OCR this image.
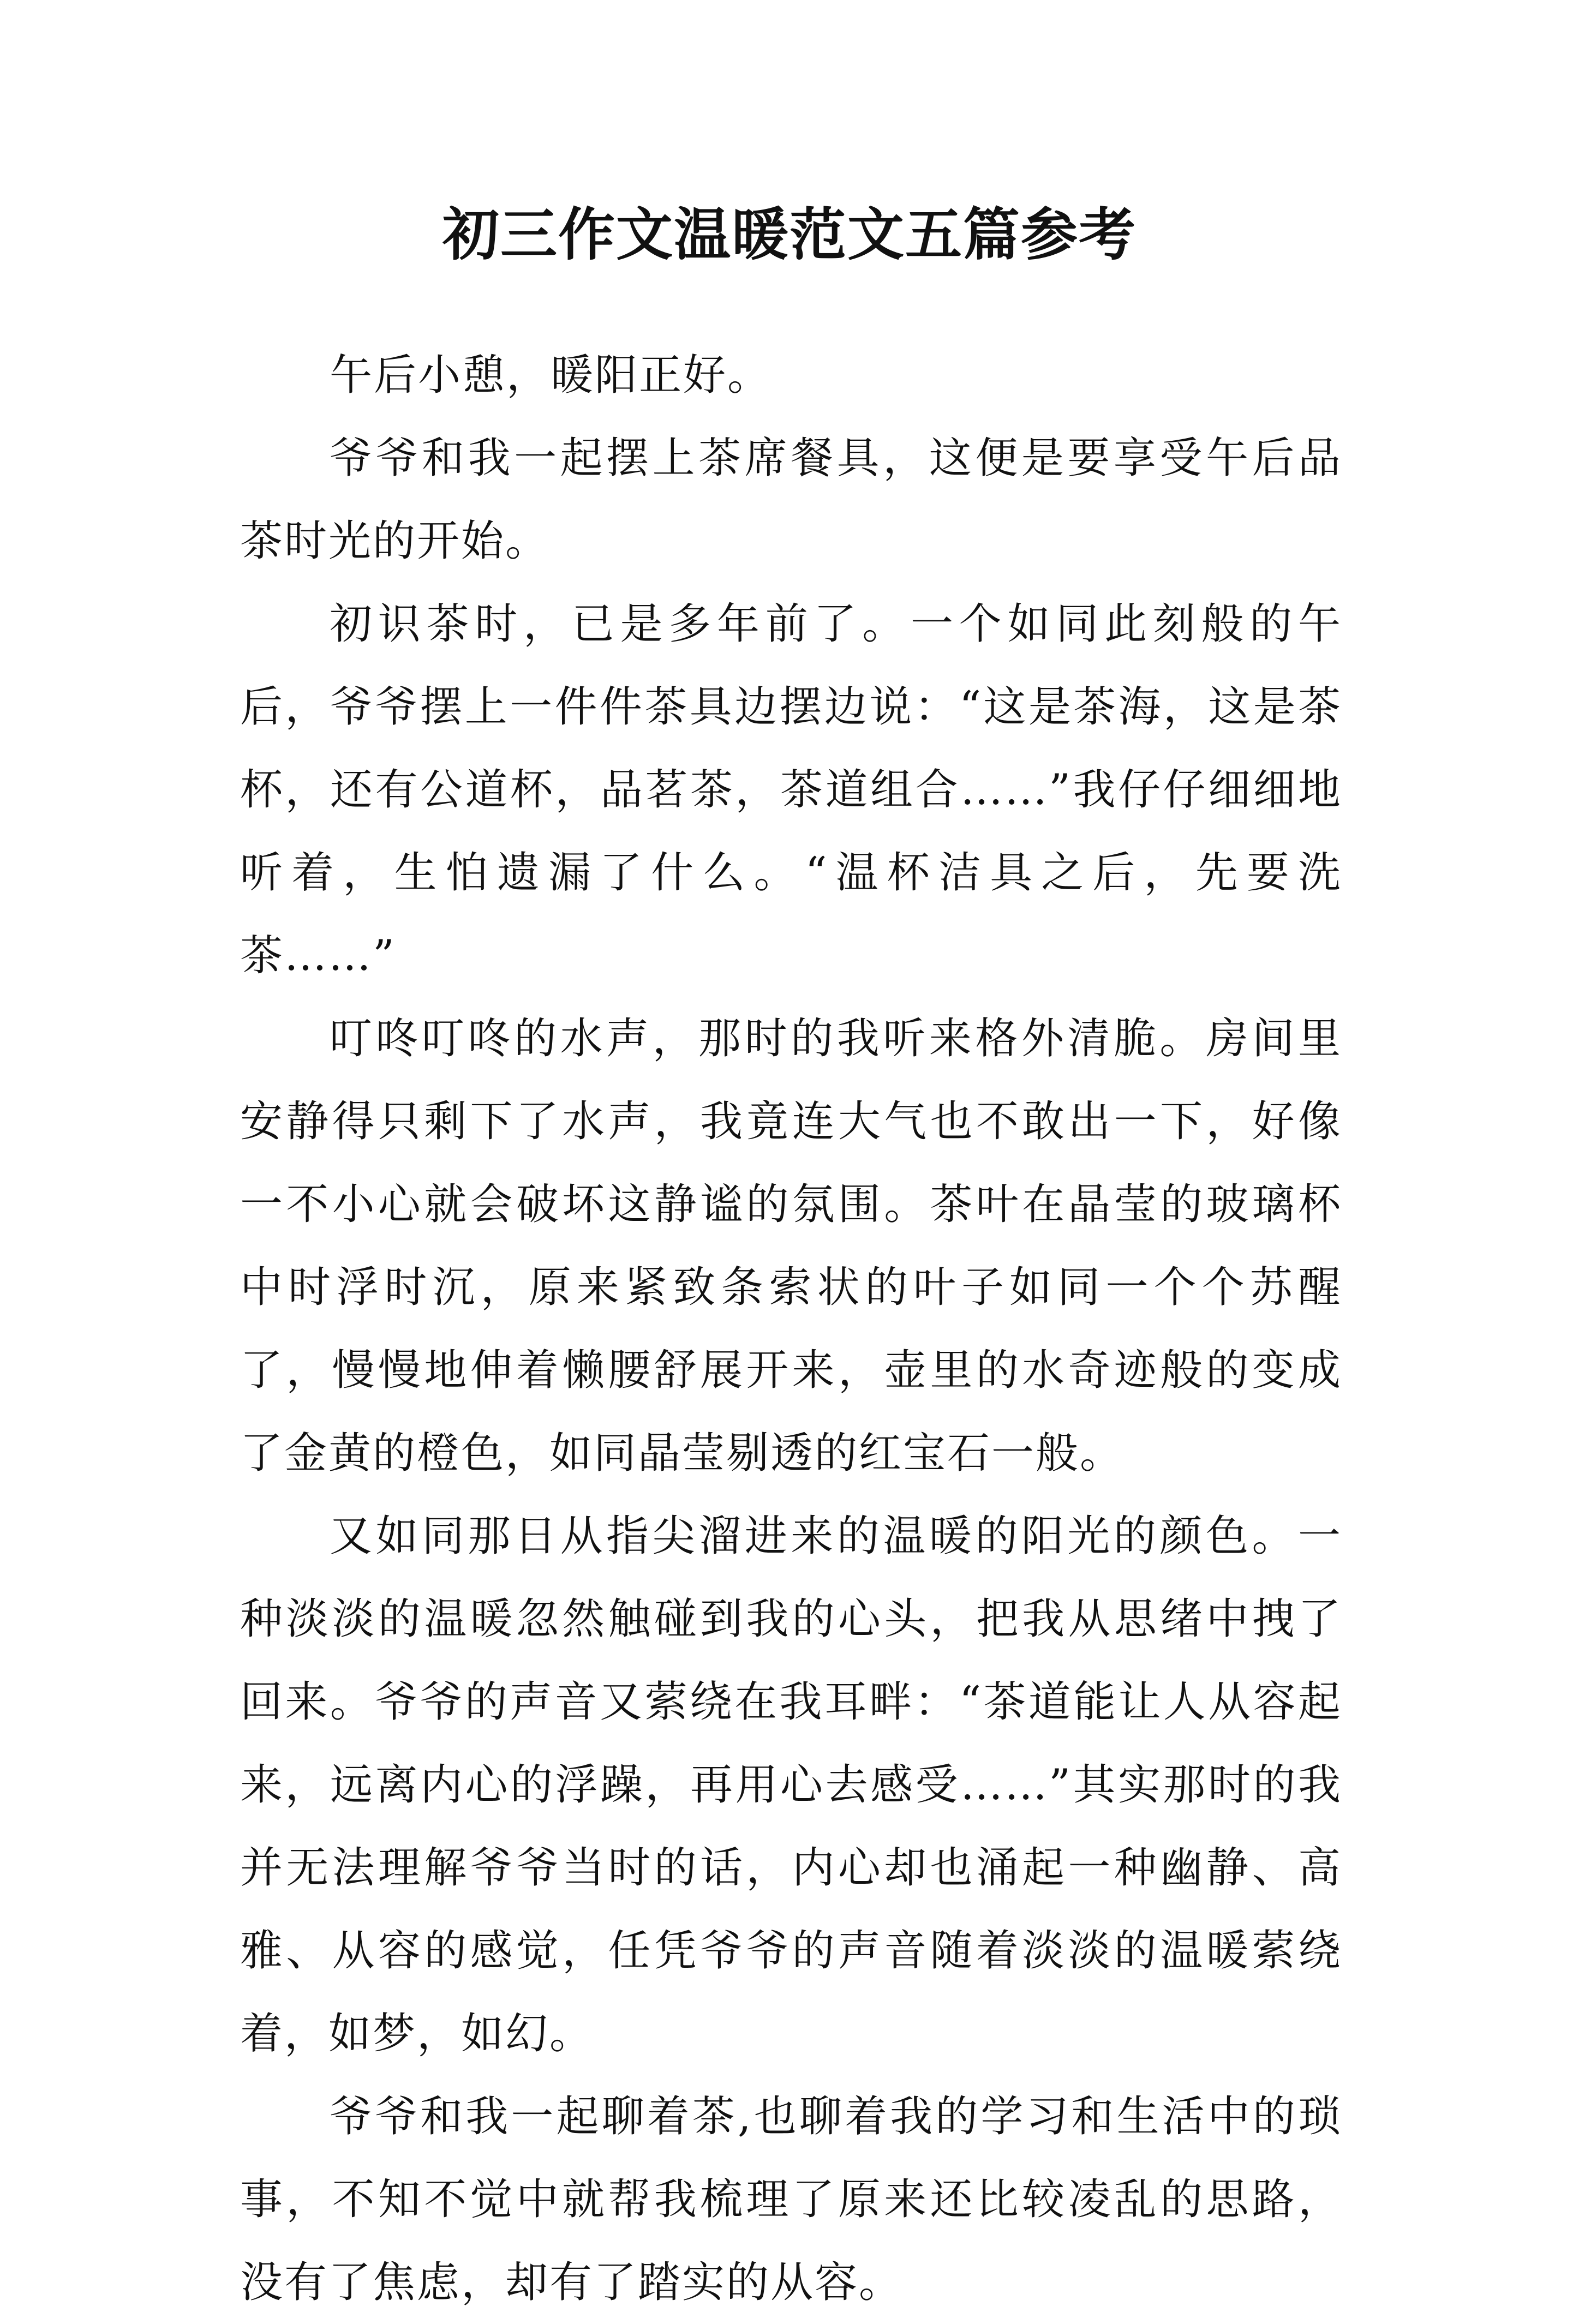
初三作文温暖范文五篇参考

午后小憩，暖阳正好。

爷爷和我一起摆上茶席餐具，这便是要享受午后品茶时光的开始。

初识茶时，已是多年前了。一个如同此刻般的午后，爷爷摆上一件件茶具边摆边说：“这是茶海，这是茶杯，还有公道杯，品茗茶，茶道组合……”我仔仔细细地听着，生怕遗漏了什么。“温杯洁具之后，先要洗茶……”

叮咚叮咚的水声，那时的我听来格外清脆。房间里安静得只剩下了水声，我竟连大气也不敢出一下，好像一不小心就会破坏这静谧的氛围。茶叶在晶莹的玻璃杯中时浮时沉，原来紧致条索状的叶子如同一个个苏醒了，慢慢地伸着懒腰舒展开来，壶里的水奇迹般的变成了金黄的橙色，如同晶莹剔透的红宝石一般。

又如同那日从指尖溜进来的温暖的阳光的颜色。一种淡淡的温暖忽然触碰到我的心头，把我从思绪中拽了回来。爷爷的声音又萦绕在我耳畔：“茶道能让人从容起来，远离内心的浮躁，再用心去感受……”其实那时的我并无法理解爷爷当时的话，内心却也涌起一种幽静、高雅、从容的感觉，任凭爷爷的声音随着淡淡的温暖萦绕着，如梦，如幻。

爷爷和我一起聊着茶,也聊着我的学习和生活中的琐事，不知不觉中就帮我梳理了原来还比较凌乱的思路，没有了焦虑，却有了踏实的从容。
